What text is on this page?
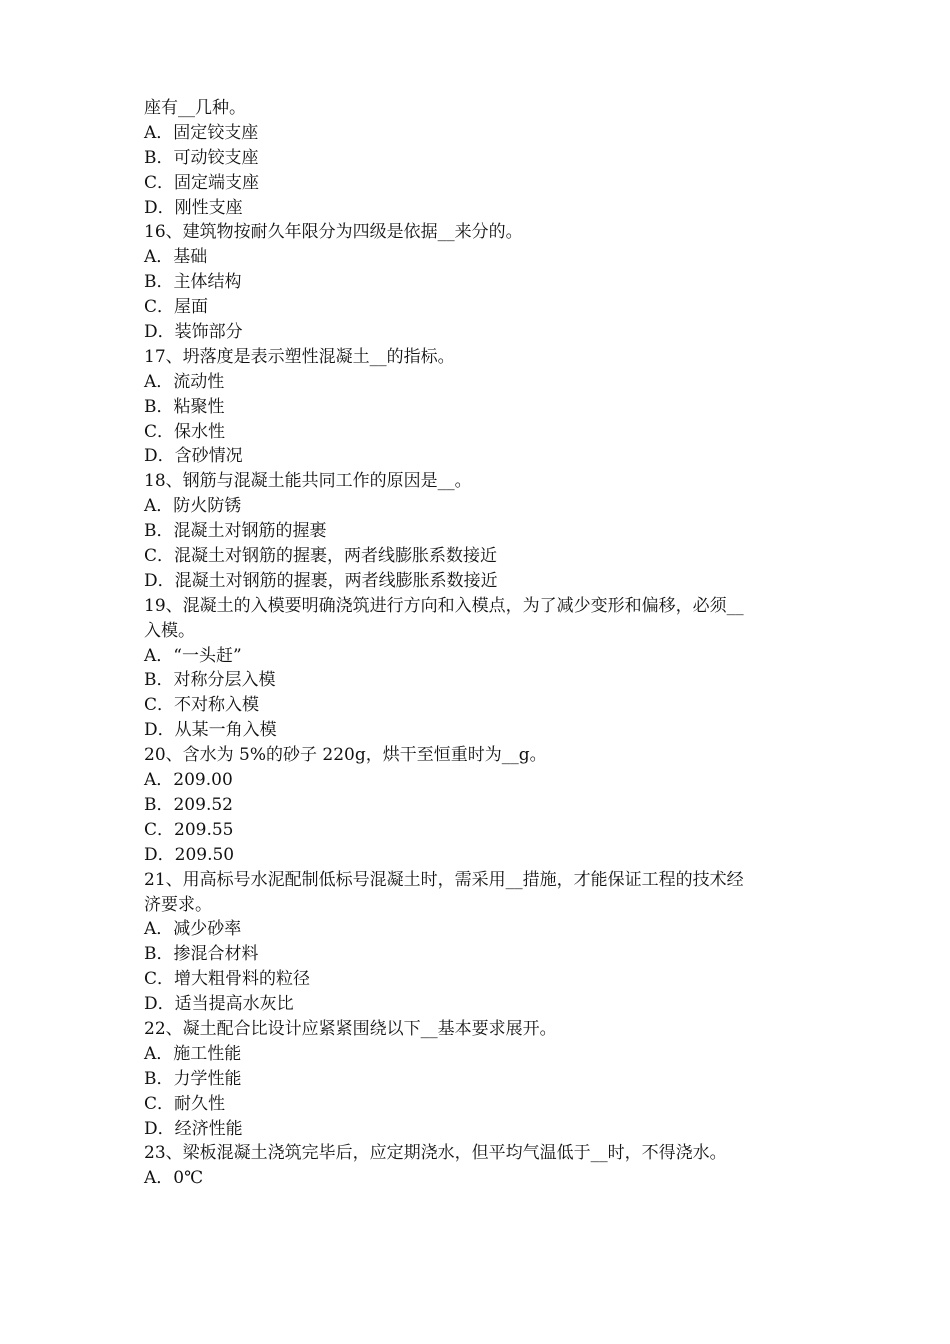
座有__几种。
A．固定铰支座
B．可动铰支座
C．固定端支座
D．刚性支座
16、建筑物按耐久年限分为四级是依据__来分的。
A．基础
B．主体结构
C．屋面
D．装饰部分
17、坍落度是表示塑性混凝土__的指标。
A．流动性
B．粘聚性
C．保水性
D．含砂情况
18、钢筋与混凝土能共同工作的原因是__。
A．防火防锈
B．混凝土对钢筋的握裹
C．混凝土对钢筋的握裹，两者线膨胀系数接近
D．混凝土对钢筋的握裹，两者线膨胀系数接近
19、混凝土的入模要明确浇筑进行方向和入模点，为了减少变形和偏移，必须__
入模。
A．“一头赶”
B．对称分层入模
C．不对称入模
D．从某一角入模
20、含水为 5%的砂子 220g，烘干至恒重时为__g。
A．209.00
B．209.52
C．209.55
D．209.50
21、用高标号水泥配制低标号混凝土时，需采用__措施，才能保证工程的技术经
济要求。
A．减少砂率
B．掺混合材料
C．增大粗骨料的粒径
D．适当提高水灰比
22、凝土配合比设计应紧紧围绕以下__基本要求展开。
A．施工性能
B．力学性能
C．耐久性
D．经济性能
23、梁板混凝土浇筑完毕后，应定期浇水，但平均气温低于__时，不得浇水。
A．0℃
